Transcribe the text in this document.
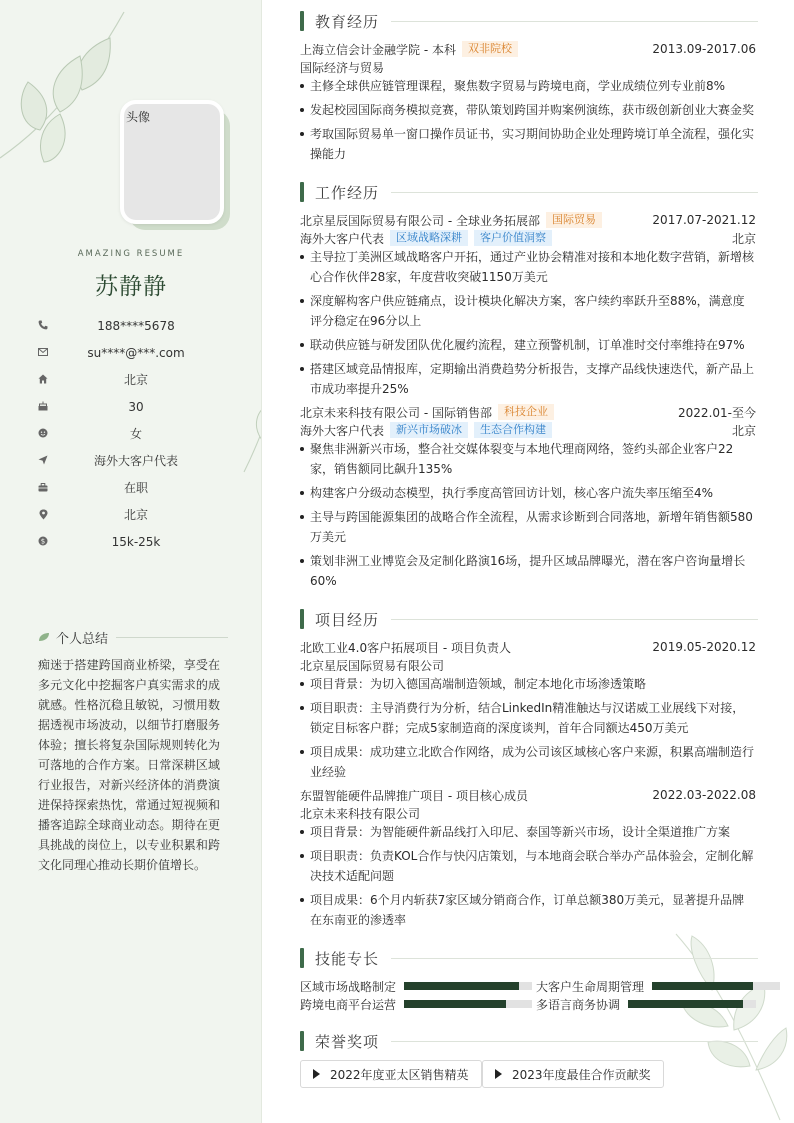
头像
AMAZING RESUME
苏静静
188****5678
su****@***.com
北京
30
女
海外大客户代表
在职
北京
$	15k-25k
个人总结
痴迷于搭建跨国商业桥梁，享受在多元文化中挖掘客户真实需求的成就感。性格沉稳且敏锐，习惯用数据透视市场波动，以细节打磨服务体验；擅长将复杂国际规则转化为可落地的合作方案。日常深耕区域行业报告，对新兴经济体的消费演进保持探索热忱，常通过短视频和播客追踪全球商业动态。期待在更具挑战的岗位上，以专业积累和跨文化同理心推动长期价值增长。
教育经历
上海立信会计金融学院 - 本科	双非院校	2013.09-2017.06
国际经济与贸易
主修全球供应链管理课程，聚焦数字贸易与跨境电商，学业成绩位列专业前8%
发起校园国际商务模拟竞赛，带队策划跨国并购案例演练，获市级创新创业大赛金奖
考取国际贸易单一窗口操作员证书，实习期间协助企业处理跨境订单全流程，强化实操能力
工作经历
北京星辰国际贸易有限公司 - 全球业务拓展部	国际贸易	2017.07-2021.12
海外大客户代表	区域战略深耕	客户价值洞察	北京
主导拉丁美洲区域战略客户开拓，通过产业协会精准对接和本地化数字营销，新增核心合作伙伴28家，年度营收突破1150万美元
深度解构客户供应链痛点，设计模块化解决方案，客户续约率跃升至88%，满意度评分稳定在96分以上
联动供应链与研发团队优化履约流程，建立预警机制，订单准时交付率维持在97%
搭建区域竞品情报库，定期输出消费趋势分析报告，支撑产品线快速迭代，新产品上市成功率提升25%
北京未来科技有限公司 - 国际销售部	科技企业	2022.01-至今
海外大客户代表	新兴市场破冰	生态合作构建	北京
聚焦非洲新兴市场，整合社交媒体裂变与本地代理商网络，签约头部企业客户22家，销售额同比飙升135%
构建客户分级动态模型，执行季度高管回访计划，核心客户流失率压缩至4%
主导与跨国能源集团的战略合作全流程，从需求诊断到合同落地，新增年销售额580万美元
策划非洲工业博览会及定制化路演16场，提升区域品牌曝光，潜在客户咨询量增长60%
项目经历
北欧工业4.0客户拓展项目 - 项目负责人	2019.05-2020.12
北京星辰国际贸易有限公司
项目背景：为切入德国高端制造领域，制定本地化市场渗透策略
项目职责：主导消费行为分析，结合LinkedIn精准触达与汉诺威工业展线下对接，锁定目标客户群；完成5家制造商的深度谈判，首年合同额达450万美元
项目成果：成功建立北欧合作网络，成为公司该区域核心客户来源，积累高端制造行业经验
东盟智能硬件品牌推广项目 - 项目核心成员	2022.03-2022.08
北京未来科技有限公司
项目背景：为智能硬件新品线打入印尼、泰国等新兴市场，设计全渠道推广方案
项目职责：负责KOL合作与快闪店策划，与本地商会联合举办产品体验会，定制化解决技术适配问题
项目成果：6个月内斩获7家区域分销商合作，订单总额380万美元，显著提升品牌在东南亚的渗透率
技能专长
区域市场战略制定	大客户生命周期管理
跨境电商平台运营	多语言商务协调
荣誉奖项
2022年度亚太区销售精英	2023年度最佳合作贡献奖
